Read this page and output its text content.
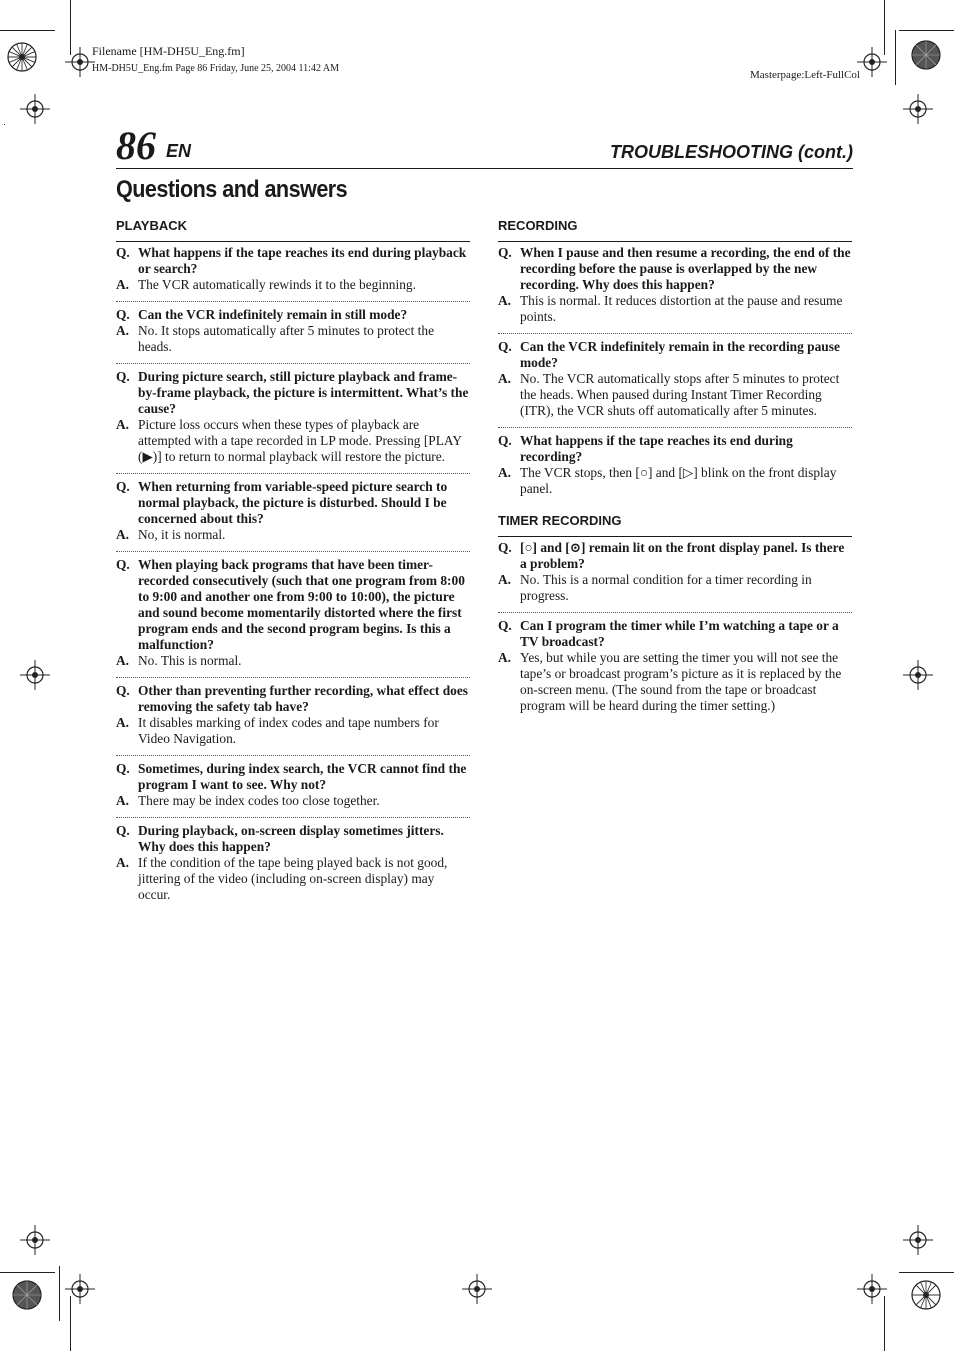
Filename [HM-DH5U_Eng.fm]
HM-DH5U_Eng.fm Page 86 Friday, June 25, 2004 11:42 AM
Masterpage:Left-FullCol
86 EN	TROUBLESHOOTING (cont.)
Questions and answers
PLAYBACK
Q. What happens if the tape reaches its end during playback or search?
A. The VCR automatically rewinds it to the beginning.
Q. Can the VCR indefinitely remain in still mode?
A. No. It stops automatically after 5 minutes to protect the heads.
Q. During picture search, still picture playback and frame-by-frame playback, the picture is intermittent. What’s the cause?
A. Picture loss occurs when these types of playback are attempted with a tape recorded in LP mode. Pressing [PLAY (▶)] to return to normal playback will restore the picture.
Q. When returning from variable-speed picture search to normal playback, the picture is disturbed. Should I be concerned about this?
A. No, it is normal.
Q. When playing back programs that have been timer-recorded consecutively (such that one program from 8:00 to 9:00 and another one from 9:00 to 10:00), the picture and sound become momentarily distorted where the first program ends and the second program begins. Is this a malfunction?
A. No. This is normal.
Q. Other than preventing further recording, what effect does removing the safety tab have?
A. It disables marking of index codes and tape numbers for Video Navigation.
Q. Sometimes, during index search, the VCR cannot find the program I want to see. Why not?
A. There may be index codes too close together.
Q. During playback, on-screen display sometimes jitters. Why does this happen?
A. If the condition of the tape being played back is not good, jittering of the video (including on-screen display) may occur.
RECORDING
Q. When I pause and then resume a recording, the end of the recording before the pause is overlapped by the new recording. Why does this happen?
A. This is normal. It reduces distortion at the pause and resume points.
Q. Can the VCR indefinitely remain in the recording pause mode?
A. No. The VCR automatically stops after 5 minutes to protect the heads. When paused during Instant Timer Recording (ITR), the VCR shuts off automatically after 5 minutes.
Q. What happens if the tape reaches its end during recording?
A. The VCR stops, then [○] and [▷] blink on the front display panel.
TIMER RECORDING
Q. [○] and [⊙] remain lit on the front display panel. Is there a problem?
A. No. This is a normal condition for a timer recording in progress.
Q. Can I program the timer while I’m watching a tape or a TV broadcast?
A. Yes, but while you are setting the timer you will not see the tape’s or broadcast program’s picture as it is replaced by the on-screen menu. (The sound from the tape or broadcast program will be heard during the timer setting.)
